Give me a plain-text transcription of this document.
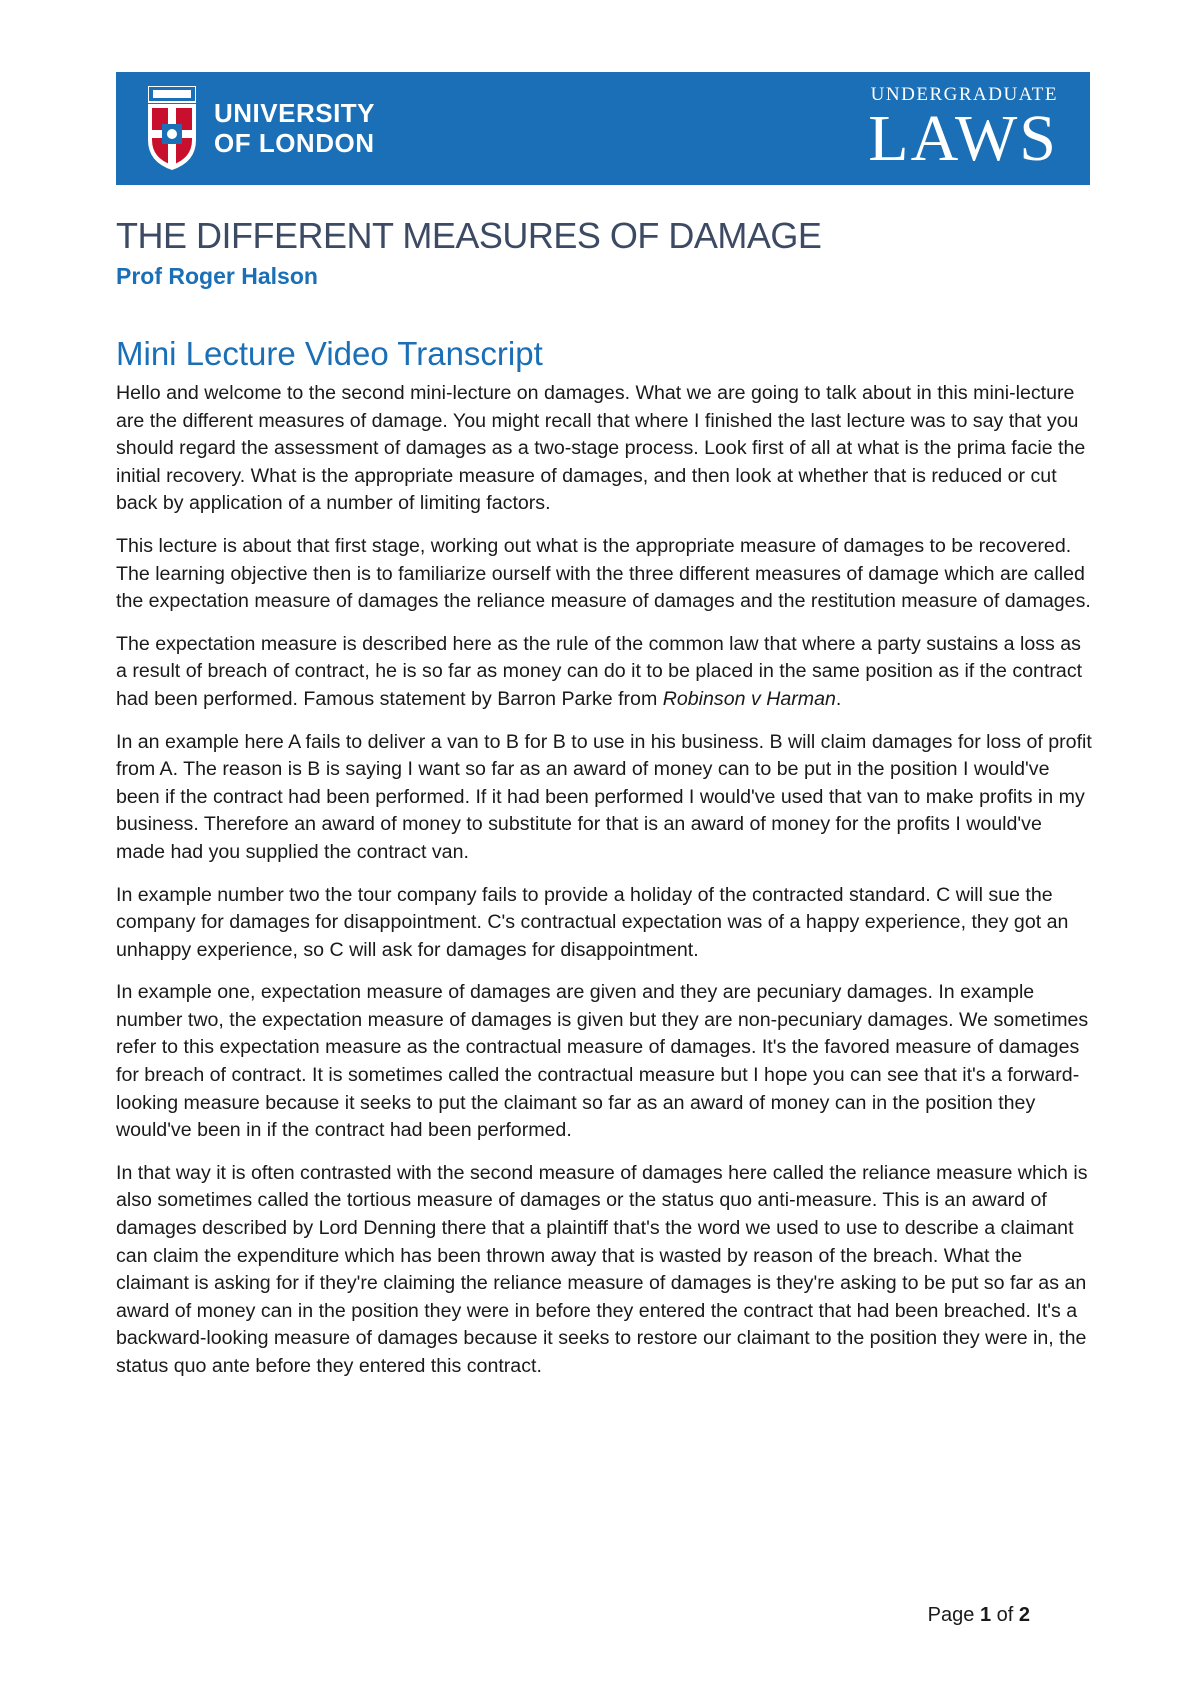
UNIVERSITY
OF LONDON
UNDERGRADUATE
LAWS
THE DIFFERENT MEASURES OF DAMAGE
Prof Roger Halson
Mini Lecture Video Transcript

Hello and welcome to the second mini-lecture on damages. What we are going to talk about in this mini-lecture are the different measures of damage. You might recall that where I finished the last lecture was to say that you should regard the assessment of damages as a two-stage process. Look first of all at what is the prima facie the initial recovery. What is the appropriate measure of damages, and then look at whether that is reduced or cut back by application of a number of limiting factors.

This lecture is about that first stage, working out what is the appropriate measure of damages to be recovered. The learning objective then is to familiarize ourself with the three different measures of damage which are called the expectation measure of damages the reliance measure of damages and the restitution measure of damages.

The expectation measure is described here as the rule of the common law that where a party sustains a loss as a result of breach of contract, he is so far as money can do it to be placed in the same position as if the contract had been performed. Famous statement by Barron Parke from Robinson v Harman.

In an example here A fails to deliver a van to B for B to use in his business. B will claim damages for loss of profit from A. The reason is B is saying I want so far as an award of money can to be put in the position I would've been if the contract had been performed. If it had been performed I would've used that van to make profits in my business. Therefore an award of money to substitute for that is an award of money for the profits I would've made had you supplied the contract van.

In example number two the tour company fails to provide a holiday of the contracted standard. C will sue the company for damages for disappointment. C's contractual expectation was of a happy experience, they got an unhappy experience, so C will ask for damages for disappointment.

In example one, expectation measure of damages are given and they are pecuniary damages. In example number two, the expectation measure of damages is given but they are non-pecuniary damages. We sometimes refer to this expectation measure as the contractual measure of damages. It's the favored measure of damages for breach of contract. It is sometimes called the contractual measure but I hope you can see that it's a forward-looking measure because it seeks to put the claimant so far as an award of money can in the position they would've been in if the contract had been performed.

In that way it is often contrasted with the second measure of damages here called the reliance measure which is also sometimes called the tortious measure of damages or the status quo anti-measure. This is an award of damages described by Lord Denning there that a plaintiff that's the word we used to use to describe a claimant can claim the expenditure which has been thrown away that is wasted by reason of the breach. What the claimant is asking for if they're claiming the reliance measure of damages is they're asking to be put so far as an award of money can in the position they were in before they entered the contract that had been breached. It's a backward-looking measure of damages because it seeks to restore our claimant to the position they were in, the status quo ante before they entered this contract.

Page 1 of 2
